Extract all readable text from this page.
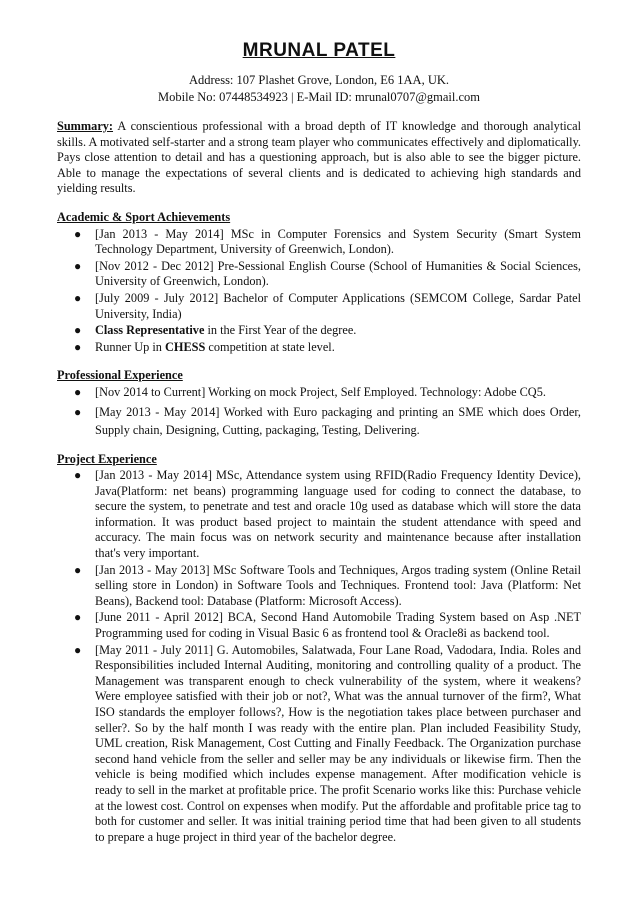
MRUNAL PATEL
Address: 107 Plashet Grove, London, E6 1AA, UK.
Mobile No: 07448534923 | E-Mail ID: mrunal0707@gmail.com
Summary: A conscientious professional with a broad depth of IT knowledge and thorough analytical skills. A motivated self-starter and a strong team player who communicates effectively and diplomatically. Pays close attention to detail and has a questioning approach, but is also able to see the bigger picture. Able to manage the expectations of several clients and is dedicated to achieving high standards and yielding results.
Academic & Sport Achievements
● [Jan 2013 - May 2014] MSc in Computer Forensics and System Security (Smart System Technology Department, University of Greenwich, London).
● [Nov 2012 - Dec 2012] Pre-Sessional English Course (School of Humanities & Social Sciences, University of Greenwich, London).
● [July 2009 - July 2012] Bachelor of Computer Applications (SEMCOM College, Sardar Patel University, India)
● Class Representative in the First Year of the degree.
● Runner Up in CHESS competition at state level.
Professional Experience
● [Nov 2014 to Current] Working on mock Project, Self Employed. Technology: Adobe CQ5.
● [May 2013 - May 2014] Worked with Euro packaging and printing an SME which does Order, Supply chain, Designing, Cutting, packaging, Testing, Delivering.
Project Experience
● [Jan 2013 - May 2014] MSc, Attendance system using RFID(Radio Frequency Identity Device), Java(Platform: net beans) programming language used for coding to connect the database, to secure the system, to penetrate and test and oracle 10g used as database which will store the data information. It was product based project to maintain the student attendance with speed and accuracy. The main focus was on network security and maintenance because after installation that's very important.
● [Jan 2013 - May 2013] MSc Software Tools and Techniques, Argos trading system (Online Retail selling store in London) in Software Tools and Techniques. Frontend tool: Java (Platform: Net Beans), Backend tool: Database (Platform: Microsoft Access).
● [June 2011 - April 2012] BCA, Second Hand Automobile Trading System based on Asp .NET Programming used for coding in Visual Basic 6 as frontend tool & Oracle8i as backend tool.
● [May 2011 - July 2011] G. Automobiles, Salatwada, Four Lane Road, Vadodara, India. Roles and Responsibilities included Internal Auditing, monitoring and controlling quality of a product. The Management was transparent enough to check vulnerability of the system, where it weakens? Were employee satisfied with their job or not?, What was the annual turnover of the firm?, What ISO standards the employer follows?, How is the negotiation takes place between purchaser and seller?. So by the half month I was ready with the entire plan. Plan included Feasibility Study, UML creation, Risk Management, Cost Cutting and Finally Feedback. The Organization purchase second hand vehicle from the seller and seller may be any individuals or likewise firm. Then the vehicle is being modified which includes expense management. After modification vehicle is ready to sell in the market at profitable price. The profit Scenario works like this: Purchase vehicle at the lowest cost. Control on expenses when modify. Put the affordable and profitable price tag to both for customer and seller. It was initial training period time that had been given to all students to prepare a huge project in third year of the bachelor degree.
